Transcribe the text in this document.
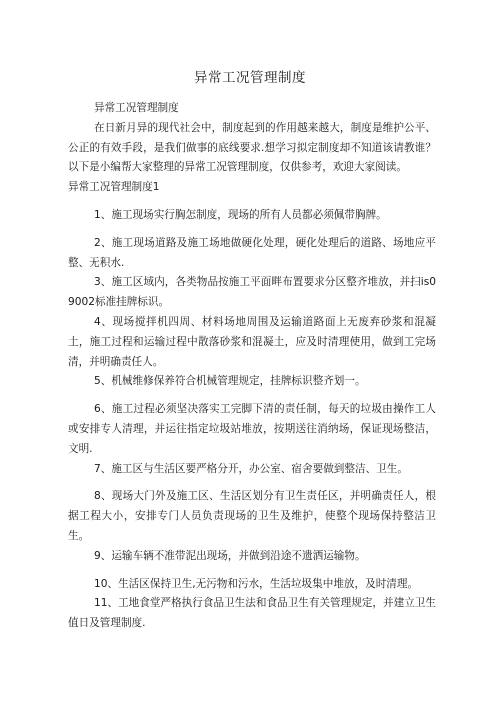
异常工况管理制度

异常工况管理制度

在日新月异的现代社会中，制度起到的作用越来越大，制度是维护公平、公正的有效手段，是我们做事的底线要求.想学习拟定制度却不知道该请教谁？以下是小编帮大家整理的异常工况管理制度，仅供参考，欢迎大家阅读。

异常工况管理制度1

1、施工现场实行胸怎制度，现场的所有人员都必须佩带胸牌。

2、施工现场道路及施工场地做硬化处理，硬化处理后的道路、场地应平整、无积水.

3、施工区域内，各类物品按施工平面畔布置要求分区整齐堆放，并扫is09002标准挂牌标识。

4、现场搅拌机四周、材料场地周围及运输道路面上无废弃砂浆和混凝土，施工过程和运输过程中散落砂浆和混凝土，应及时清理使用，做到工完场清，并明确责任人。

5、机械维修保养符合机械管理规定，挂牌标识整齐划一。

6、施工过程必须坚决落实工完脚下清的责任制，每天的垃圾由操作工人或安排专人清理，并运往指定垃圾站堆放，按期送往消纳场，保证现场整洁，文明.

7、施工区与生活区要严格分开，办公室、宿舍要做到整洁、卫生。

8、现场大门外及施工区、生活区划分有卫生责任区，并明确责任人，根据工程大小，安排专门人员负责现场的卫生及维护，使整个现场保持整洁卫生。

9、运输车辆不准带泥出现场，并做到沿途不遗洒运输物。

10、生活区保持卫生,无污物和污水，生活垃圾集中堆放，及时清理。

11、工地食堂严格执行食品卫生法和食品卫生有关管理规定，并建立卫生值日及管理制度.
